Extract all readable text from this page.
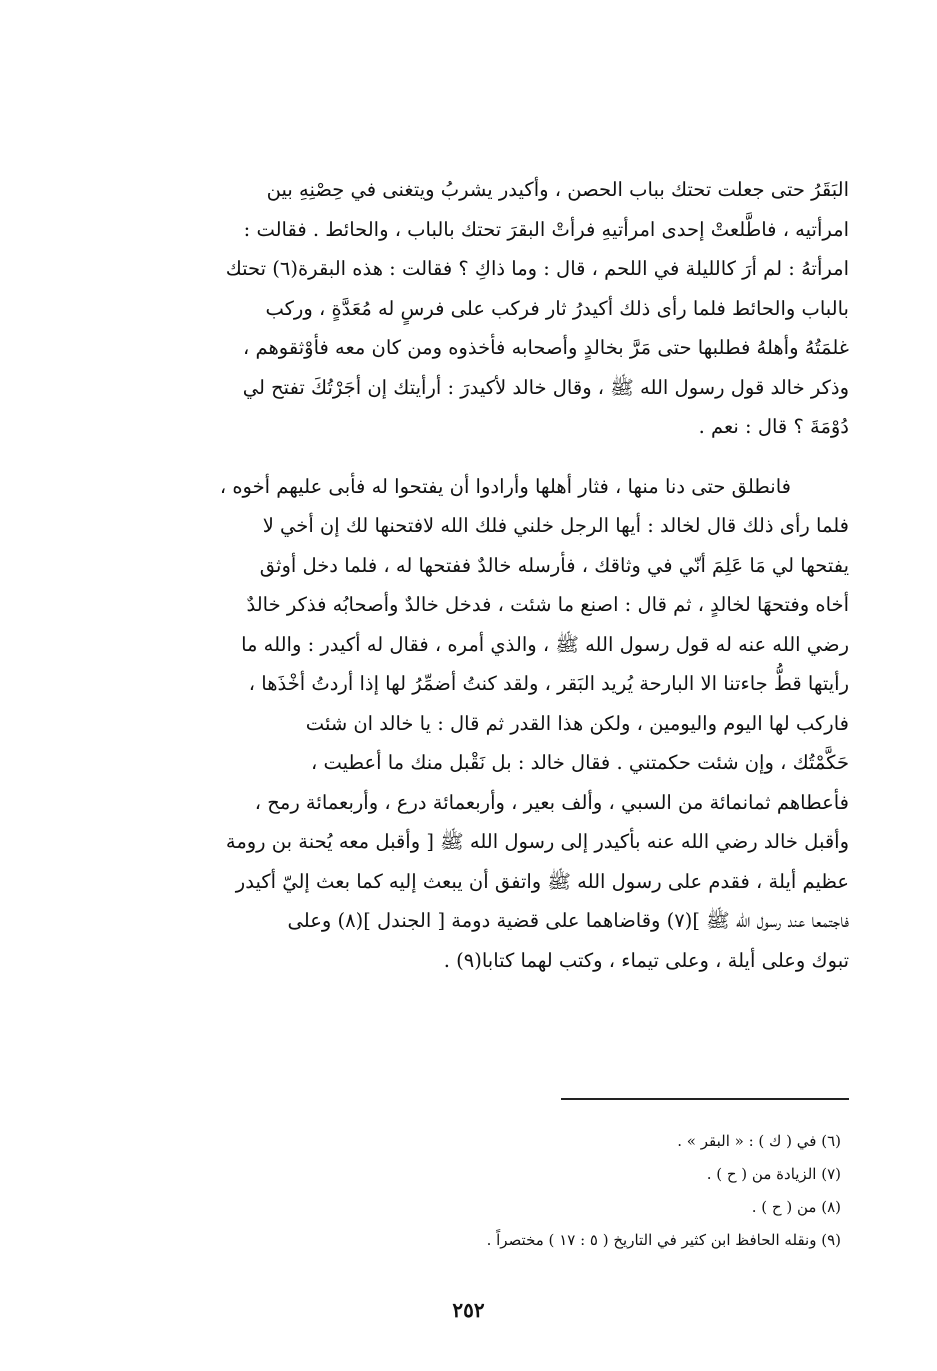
البَقَرُ حتى جعلت تحتك بباب الحصن ، وأكيدر يشربُ ويتغنى في حِصْنِهِ بين

امرأتيه ، فاطَّلعتْ إحدى امرأتيهِ فرأتْ البقرَ تحتك بالباب ، والحائط . فقالت :

امرأتهُ : لم أرَ كالليلة في اللحم ، قال : وما ذاكِ ؟ فقالت : هذه البقرة(٦) تحتك

بالباب والحائط فلما رأى ذلك أكيدرُ ثار فركب على فرسٍ له مُعَدَّةٍ ، وركب

غلمَتُهُ وأهلهُ فطلبها حتى مَرَّ بخالدٍ وأصحابه فأخذوه ومن كان معه فأوْثقوهم ،

وذكر خالد قول رسول الله ﷺ ، وقال خالد لأكيدرَ : أرأيتك إن أجَرْتُكَ تفتح لي

دُوْمَةَ ؟ قال : نعم .

فانطلق حتى دنا منها ، فثار أهلها وأرادوا أن يفتحوا له فأبى عليهم أخوه ،

فلما رأى ذلك قال لخالد : أيها الرجل خلني فلك الله لافتحنها لك إن أخي لا

يفتحها لي مَا عَلِمَ أنّي في وثاقك ، فأرسله خالدٌ ففتحها له ، فلما دخل أوثق

أخاه وفتحهَا لخالدٍ ، ثم قال : اصنع ما شئت ، فدخل خالدٌ وأصحابُه فذكر خالدٌ

رضي الله عنه له قول رسول الله ﷺ ، والذي أمره ، فقال له أكيدر : والله ما

رأيتها قطُّ جاءتنا الا البارحة يُريد البَقر ، ولقد كنتُ أضمِّرُ لها إذا أردتُ أخْذَها ،

فاركب لها اليوم واليومين ، ولكن هذا القدر ثم قال : يا خالد ان شئت

حَكَّمْتُك ، وإن شئت حكمتني . فقال خالد : بل نَقْبل منك ما أعطيت ،

فأعطاهم ثمانمائة من السبي ، وألف بعير ، وأربعمائة درع ، وأربعمائة رمح ،

وأقبل خالد رضي الله عنه بأكيدر إلى رسول الله ﷺ [ وأقبل معه يُحنة بن رومة

عظيم أيلة ، فقدم على رسول الله ﷺ واتفق أن يبعث إليه كما بعث إليّ أكيدر

فاجتمعا عند رسول الله ﷺ ](٧) وقاضاهما على قضية دومة [ الجندل ](٨) وعلى

تبوك وعلى أيلة ، وعلى تيماء ، وكتب لهما كتابا(٩) .

(٦) في ( ك ) : « البقر » .

(٧) الزيادة من ( ح ) .

(٨) من ( ح ) .

(٩) ونقله الحافظ ابن كثير في التاريخ ( ٥ : ١٧ ) مختصراً .

٢٥٢
